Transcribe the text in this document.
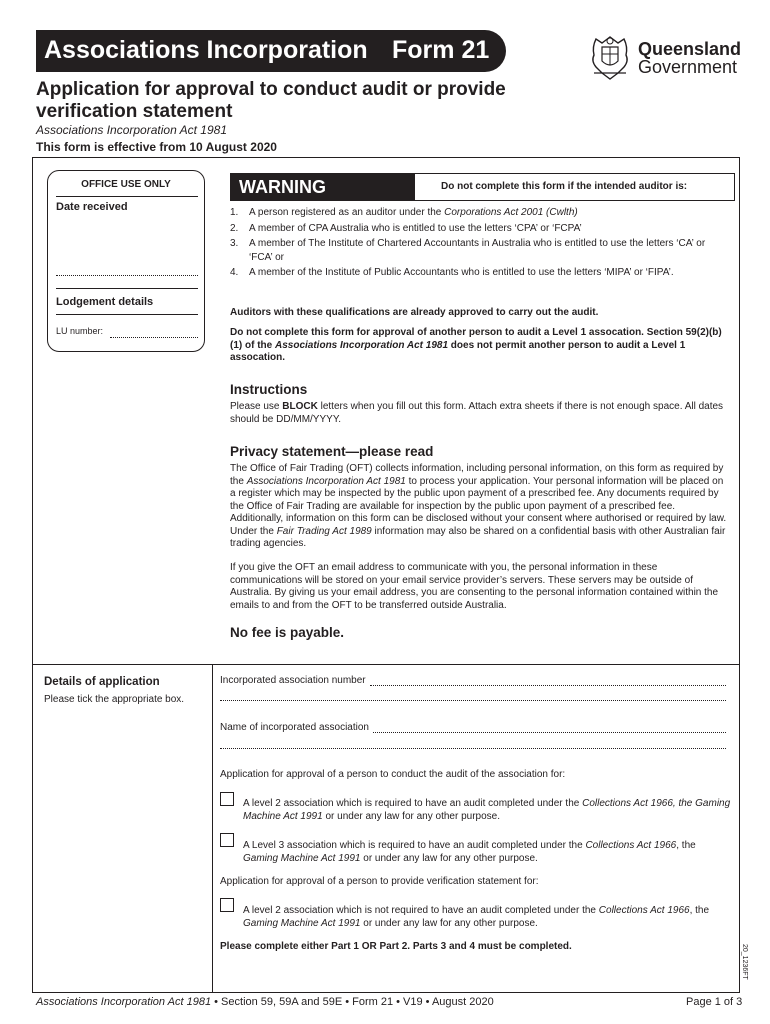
Associations Incorporation Form 21
Application for approval to conduct audit or provide verification statement
Associations Incorporation Act 1981
This form is effective from 10 August 2020
Queensland
Government
OFFICE USE ONLY
Date received
Lodgement details
LU number:
WARNING	Do not complete this form if the intended auditor is:
1. A person registered as an auditor under the Corporations Act 2001 (Cwlth)
2. A member of CPA Australia who is entitled to use the letters ‘CPA’ or ‘FCPA’
3. A member of The Institute of Chartered Accountants in Australia who is entitled to use the letters ‘CA’ or ‘FCA’ or
4. A member of the Institute of Public Accountants who is entitled to use the letters ‘MIPA’ or ‘FIPA’.
Auditors with these qualifications are already approved to carry out the audit.
Do not complete this form for approval of another person to audit a Level 1 assocation. Section 59(2)(b)(1) of the Associations Incorporation Act 1981 does not permit another person to audit a Level 1 assocation.
Instructions
Please use BLOCK letters when you fill out this form. Attach extra sheets if there is not enough space. All dates should be DD/MM/YYYY.
Privacy statement—please read
The Office of Fair Trading (OFT) collects information, including personal information, on this form as required by the Associations Incorporation Act 1981 to process your application. Your personal information will be placed on a register which may be inspected by the public upon payment of a prescribed fee. Any documents required by the Office of Fair Trading are available for inspection by the public upon payment of a prescribed fee. Additionally, information on this form can be disclosed without your consent where authorised or required by law. Under the Fair Trading Act 1989 information may also be shared on a confidential basis with other Australian fair trading agencies.
If you give the OFT an email address to communicate with you, the personal information in these communications will be stored on your email service provider’s servers. These servers may be outside of Australia. By giving us your email address, you are consenting to the personal information contained within the emails to and from the OFT to be transferred outside Australia.
No fee is payable.
Details of application
Please tick the appropriate box.
Incorporated association number
Name of incorporated association
Application for approval of a person to conduct the audit of the association for:
A level 2 association which is required to have an audit completed under the Collections Act 1966, the Gaming Machine Act 1991 or under any law for any other purpose.
A Level 3 association which is required to have an audit completed under the Collections Act 1966, the Gaming Machine Act 1991 or under any law for any other purpose.
Application for approval of a person to provide verification statement for:
A level 2 association which is not required to have an audit completed under the Collections Act 1966, the Gaming Machine Act 1991 or under any law for any other purpose.
Please complete either Part 1 OR Part 2. Parts 3 and 4 must be completed.	20_1236FT
Associations Incorporation Act 1981 • Section 59, 59A and 59E • Form 21 • V19 • August 2020	Page 1 of 3
